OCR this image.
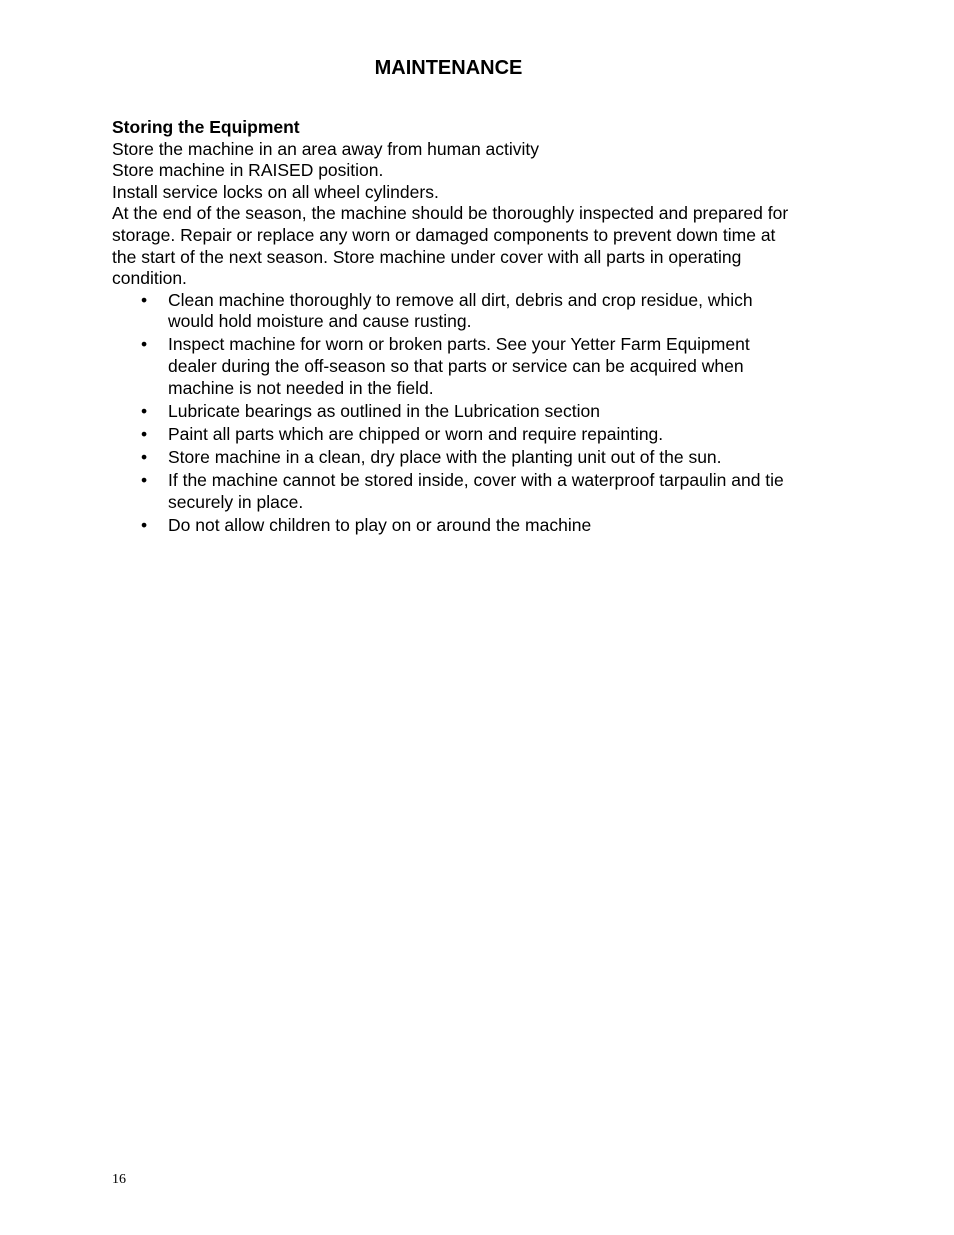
MAINTENANCE

Storing the Equipment

Store the machine in an area away from human activity

Store machine in RAISED position.

Install service locks on all wheel cylinders.

At the end of the season, the machine should be thoroughly inspected and prepared for storage. Repair or replace any worn or damaged components to prevent down time at the start of the next season. Store machine under cover with all parts in operating condition.

• Clean machine thoroughly to remove all dirt, debris and crop residue, which would hold moisture and cause rusting.
• Inspect machine for worn or broken parts. See your Yetter Farm Equipment dealer during the off-season so that parts or service can be acquired when machine is not needed in the field.
• Lubricate bearings as outlined in the Lubrication section
• Paint all parts which are chipped or worn and require repainting.
• Store machine in a clean, dry place with the planting unit out of the sun.
• If the machine cannot be stored inside, cover with a waterproof tarpaulin and tie securely in place.
• Do not allow children to play on or around the machine
16
